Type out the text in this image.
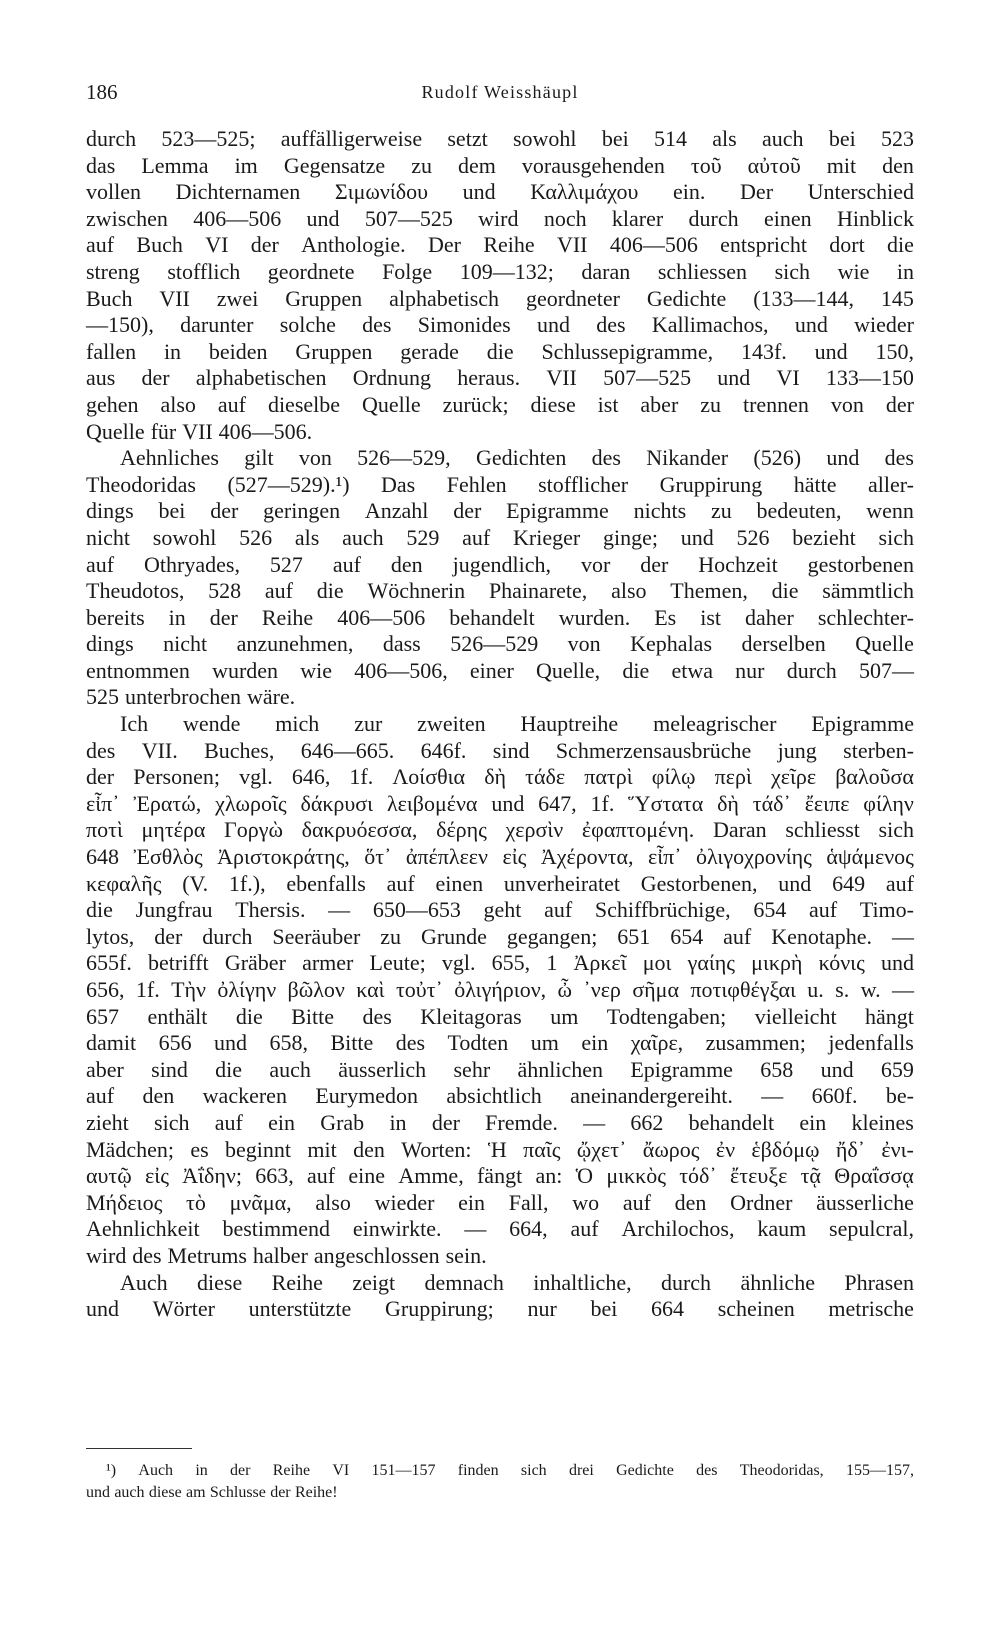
186	Rudolf Weisshäupl
durch 523—525; auffälligerweise setzt sowohl bei 514 als auch bei 523
das Lemma im Gegensatze zu dem vorausgehenden τοῦ αὐτοῦ mit den
vollen Dichternamen Σιμωνίδου und Καλλιμάχου ein. Der Unterschied
zwischen 406—506 und 507—525 wird noch klarer durch einen Hinblick
auf Buch VI der Anthologie. Der Reihe VII 406—506 entspricht dort die
streng stofflich geordnete Folge 109—132; daran schliessen sich wie in
Buch VII zwei Gruppen alphabetisch geordneter Gedichte (133—144, 145
—150), darunter solche des Simonides und des Kallimachos, und wieder
fallen in beiden Gruppen gerade die Schlussepigramme, 143f. und 150,
aus der alphabetischen Ordnung heraus. VII 507—525 und VI 133—150
gehen also auf dieselbe Quelle zurück; diese ist aber zu trennen von der
Quelle für VII 406—506.
Aehnliches gilt von 526—529, Gedichten des Nikander (526) und des
Theodoridas (527—529).¹) Das Fehlen stofflicher Gruppirung hätte aller-
dings bei der geringen Anzahl der Epigramme nichts zu bedeuten, wenn
nicht sowohl 526 als auch 529 auf Krieger ginge; und 526 bezieht sich
auf Othryades, 527 auf den jugendlich, vor der Hochzeit gestorbenen
Theudotos, 528 auf die Wöchnerin Phainarete, also Themen, die sämmtlich
bereits in der Reihe 406—506 behandelt wurden. Es ist daher schlechter-
dings nicht anzunehmen, dass 526—529 von Kephalas derselben Quelle
entnommen wurden wie 406—506, einer Quelle, die etwa nur durch 507—
525 unterbrochen wäre.
Ich wende mich zur zweiten Hauptreihe meleagrischer Epigramme
des VII. Buches, 646—665. 646f. sind Schmerzensausbrüche jung sterben-
der Personen; vgl. 646, 1f. Λοίσθια δὴ τάδε πατρὶ φίλῳ περὶ χεῖρε βαλοῦσα
εἶπ᾽ Ἐρατώ, χλωροῖς δάκρυσι λειβομένα und 647, 1f. Ὕστατα δὴ τάδ᾽ ἔειπε φίλην
ποτὶ μητέρα Γοργὼ δακρυόεσσα, δέρης χερσὶν ἐφαπτομένη. Daran schliesst sich
648 Ἐσθλὸς Ἀριστοκράτης, ὅτ᾽ ἀπέπλεεν εἰς Ἀχέροντα, εἶπ᾽ ὀλιγοχρονίης ἁψάμενος
κεφαλῆς (V. 1f.), ebenfalls auf einen unverheiratet Gestorbenen, und 649 auf
die Jungfrau Thersis. — 650—653 geht auf Schiffbrüchige, 654 auf Timo-
lytos, der durch Seeräuber zu Grunde gegangen; 651 654 auf Kenotaphe. —
655f. betrifft Gräber armer Leute; vgl. 655, 1 Ἀρκεῖ μοι γαίης μικρὴ κόνις und
656, 1f. Τὴν ὀλίγην βῶλον καὶ τοὐτ᾽ ὀλιγήριον, ὦ ᾽νερ σῆμα ποτιφθέγξαι u. s. w. —
657 enthält die Bitte des Kleitagoras um Todtengaben; vielleicht hängt
damit 656 und 658, Bitte des Todten um ein χαῖρε, zusammen; jedenfalls
aber sind die auch äusserlich sehr ähnlichen Epigramme 658 und 659
auf den wackeren Eurymedon absichtlich aneinandergereiht. — 660f. be-
zieht sich auf ein Grab in der Fremde. — 662 behandelt ein kleines
Mädchen; es beginnt mit den Worten: Ἡ παῖς ᾤχετ᾽ ἄωρος ἐν ἑβδόμῳ ἤδ᾽ ἐνι-
αυτῷ εἰς Ἀΐδην; 663, auf eine Amme, fängt an: Ὁ μικκὸς τόδ᾽ ἔτευξε τᾷ Θραΐσσᾳ
Μήδειος τὸ μνᾶμα, also wieder ein Fall, wo auf den Ordner äusserliche
Aehnlichkeit bestimmend einwirkte. — 664, auf Archilochos, kaum sepulcral,
wird des Metrums halber angeschlossen sein.
Auch diese Reihe zeigt demnach inhaltliche, durch ähnliche Phrasen
und Wörter unterstützte Gruppirung; nur bei 664 scheinen metrische
¹) Auch in der Reihe VI 151—157 finden sich drei Gedichte des Theodoridas, 155—157,
und auch diese am Schlusse der Reihe!
